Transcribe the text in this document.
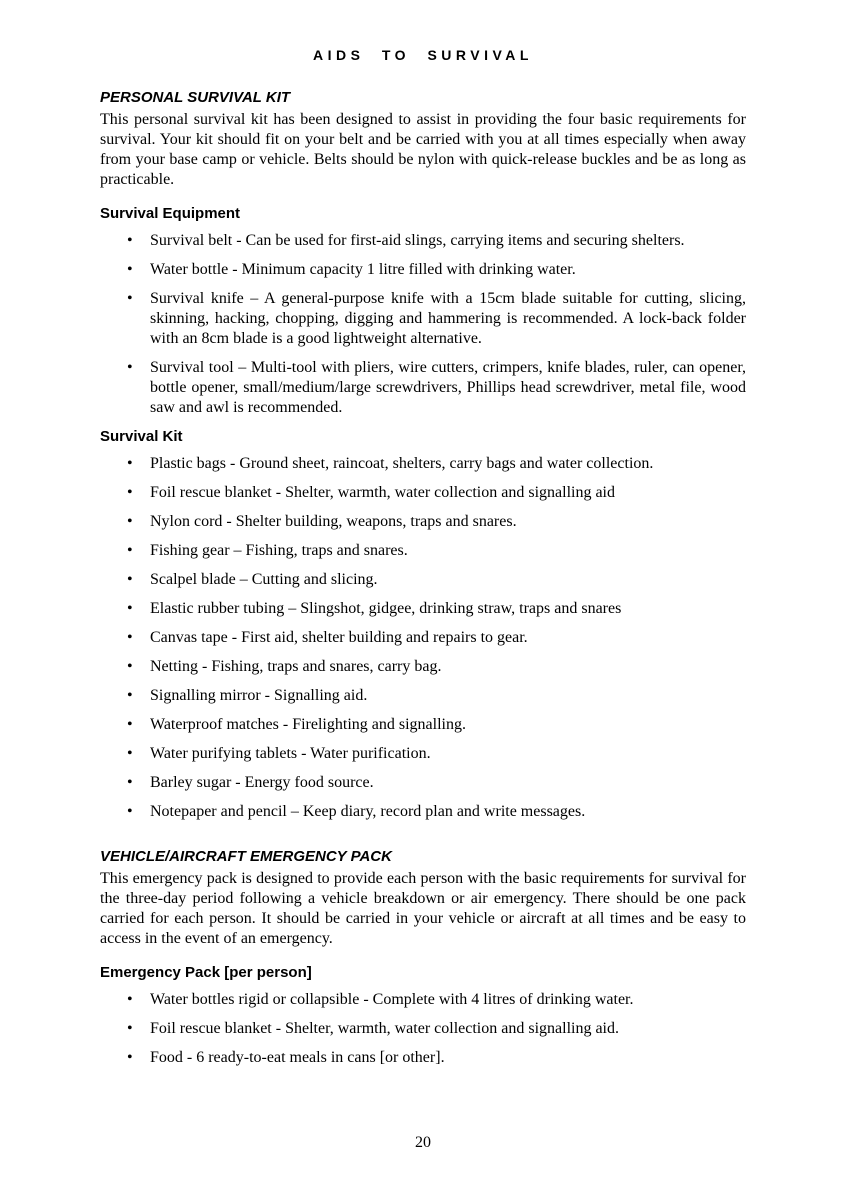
AIDS TO SURVIVAL
PERSONAL SURVIVAL KIT

This personal survival kit has been designed to assist in providing the four basic requirements for survival. Your kit should fit on your belt and be carried with you at all times especially when away from your base camp or vehicle. Belts should be nylon with quick-release buckles and be as long as practicable.

Survival Equipment
• Survival belt - Can be used for first-aid slings, carrying items and securing shelters.
• Water bottle - Minimum capacity 1 litre filled with drinking water.
• Survival knife – A general-purpose knife with a 15cm blade suitable for cutting, slicing, skinning, hacking, chopping, digging and hammering is recommended. A lock-back folder with an 8cm blade is a good lightweight alternative.
• Survival tool – Multi-tool with pliers, wire cutters, crimpers, knife blades, ruler, can opener, bottle opener, small/medium/large screwdrivers, Phillips head screwdriver, metal file, wood saw and awl is recommended.
Survival Kit
• Plastic bags - Ground sheet, raincoat, shelters, carry bags and water collection.
• Foil rescue blanket - Shelter, warmth, water collection and signalling aid
• Nylon cord - Shelter building, weapons, traps and snares.
• Fishing gear – Fishing, traps and snares.
• Scalpel blade – Cutting and slicing.
• Elastic rubber tubing – Slingshot, gidgee, drinking straw, traps and snares
• Canvas tape - First aid, shelter building and repairs to gear.
• Netting - Fishing, traps and snares, carry bag.
• Signalling mirror - Signalling aid.
• Waterproof matches - Firelighting and signalling.
• Water purifying tablets - Water purification.
• Barley sugar - Energy food source.
• Notepaper and pencil – Keep diary, record plan and write messages.
VEHICLE/AIRCRAFT EMERGENCY PACK

This emergency pack is designed to provide each person with the basic requirements for survival for the three-day period following a vehicle breakdown or air emergency. There should be one pack carried for each person. It should be carried in your vehicle or aircraft at all times and be easy to access in the event of an emergency.

Emergency Pack [per person]
• Water bottles rigid or collapsible - Complete with 4 litres of drinking water.
• Foil rescue blanket - Shelter, warmth, water collection and signalling aid.
• Food - 6 ready-to-eat meals in cans [or other].
20
